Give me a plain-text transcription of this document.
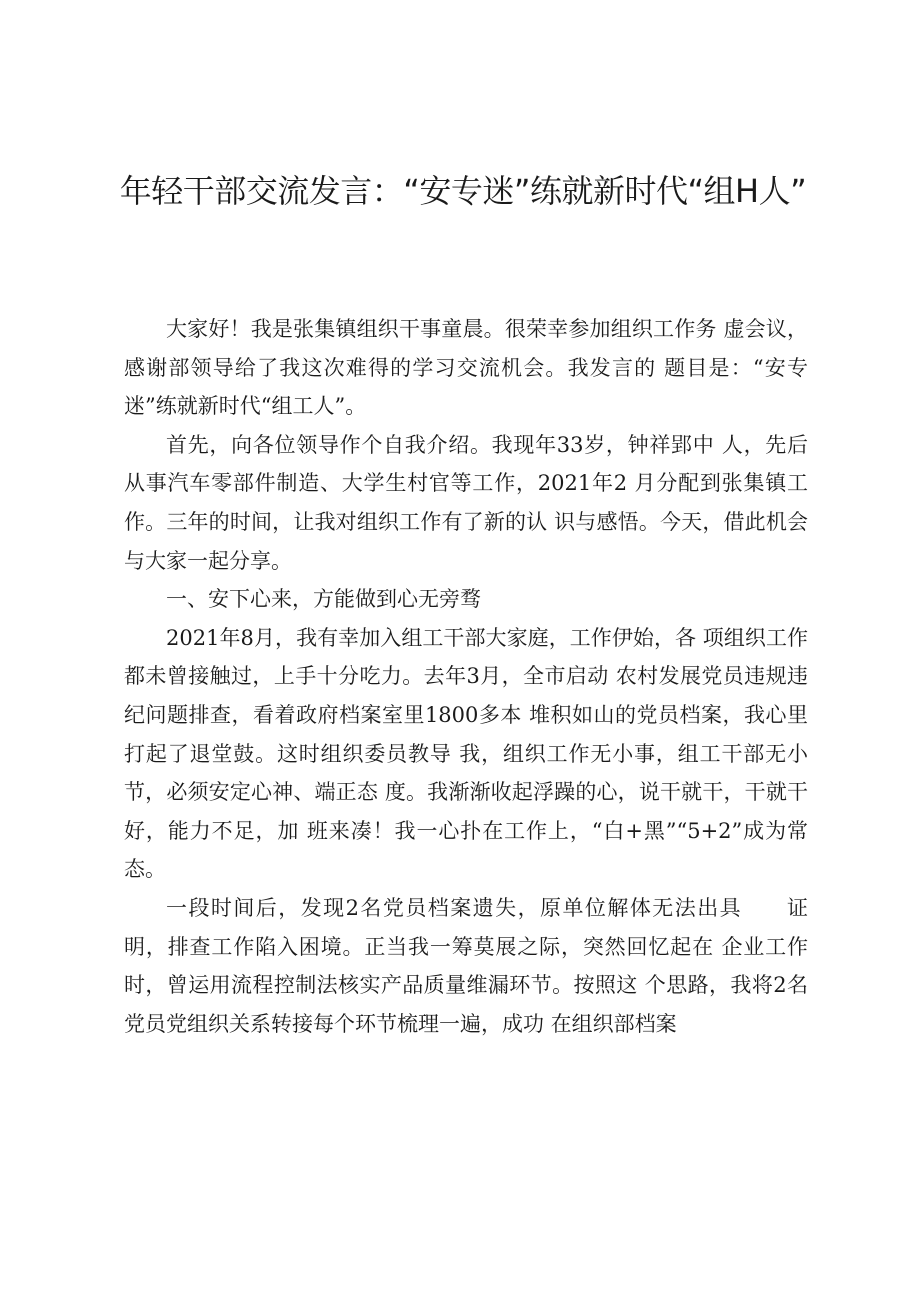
年轻干部交流发言：“安专迷”练就新时代“组H人”

大家好！我是张集镇组织干事童晨。很荣幸参加组织工作务 虚会议，感谢部领导给了我这次难得的学习交流机会。我发言的 题目是：“安专迷”练就新时代“组工人”。

首先，向各位领导作个自我介绍。我现年33岁，钟祥郢中 人，先后从事汽车零部件制造、大学生村官等工作，2021年2 月分配到张集镇工作。三年的时间，让我对组织工作有了新的认 识与感悟。今天，借此机会与大家一起分享。

一、安下心来，方能做到心无旁骛

2021年8月，我有幸加入组工干部大家庭，工作伊始，各 项组织工作都未曾接触过，上手十分吃力。去年3月，全市启动 农村发展党员违规违纪问题排查，看着政府档案室里1800多本 堆积如山的党员档案，我心里打起了退堂鼓。这时组织委员教导 我，组织工作无小事，组工干部无小节，必须安定心神、端正态 度。我渐渐收起浮躁的心，说干就干，干就干好，能力不足，加 班来凑！我一心扑在工作上，“白+黑”“5+2”成为常态。

一段时间后，发现2名党员档案遗失，原单位解体无法出具　　证明，排查工作陷入困境。正当我一筹莫展之际，突然回忆起在 企业工作时，曾运用流程控制法核实产品质量维漏环节。按照这 个思路，我将2名党员党组织关系转接每个环节梳理一遍，成功 在组织部档案
